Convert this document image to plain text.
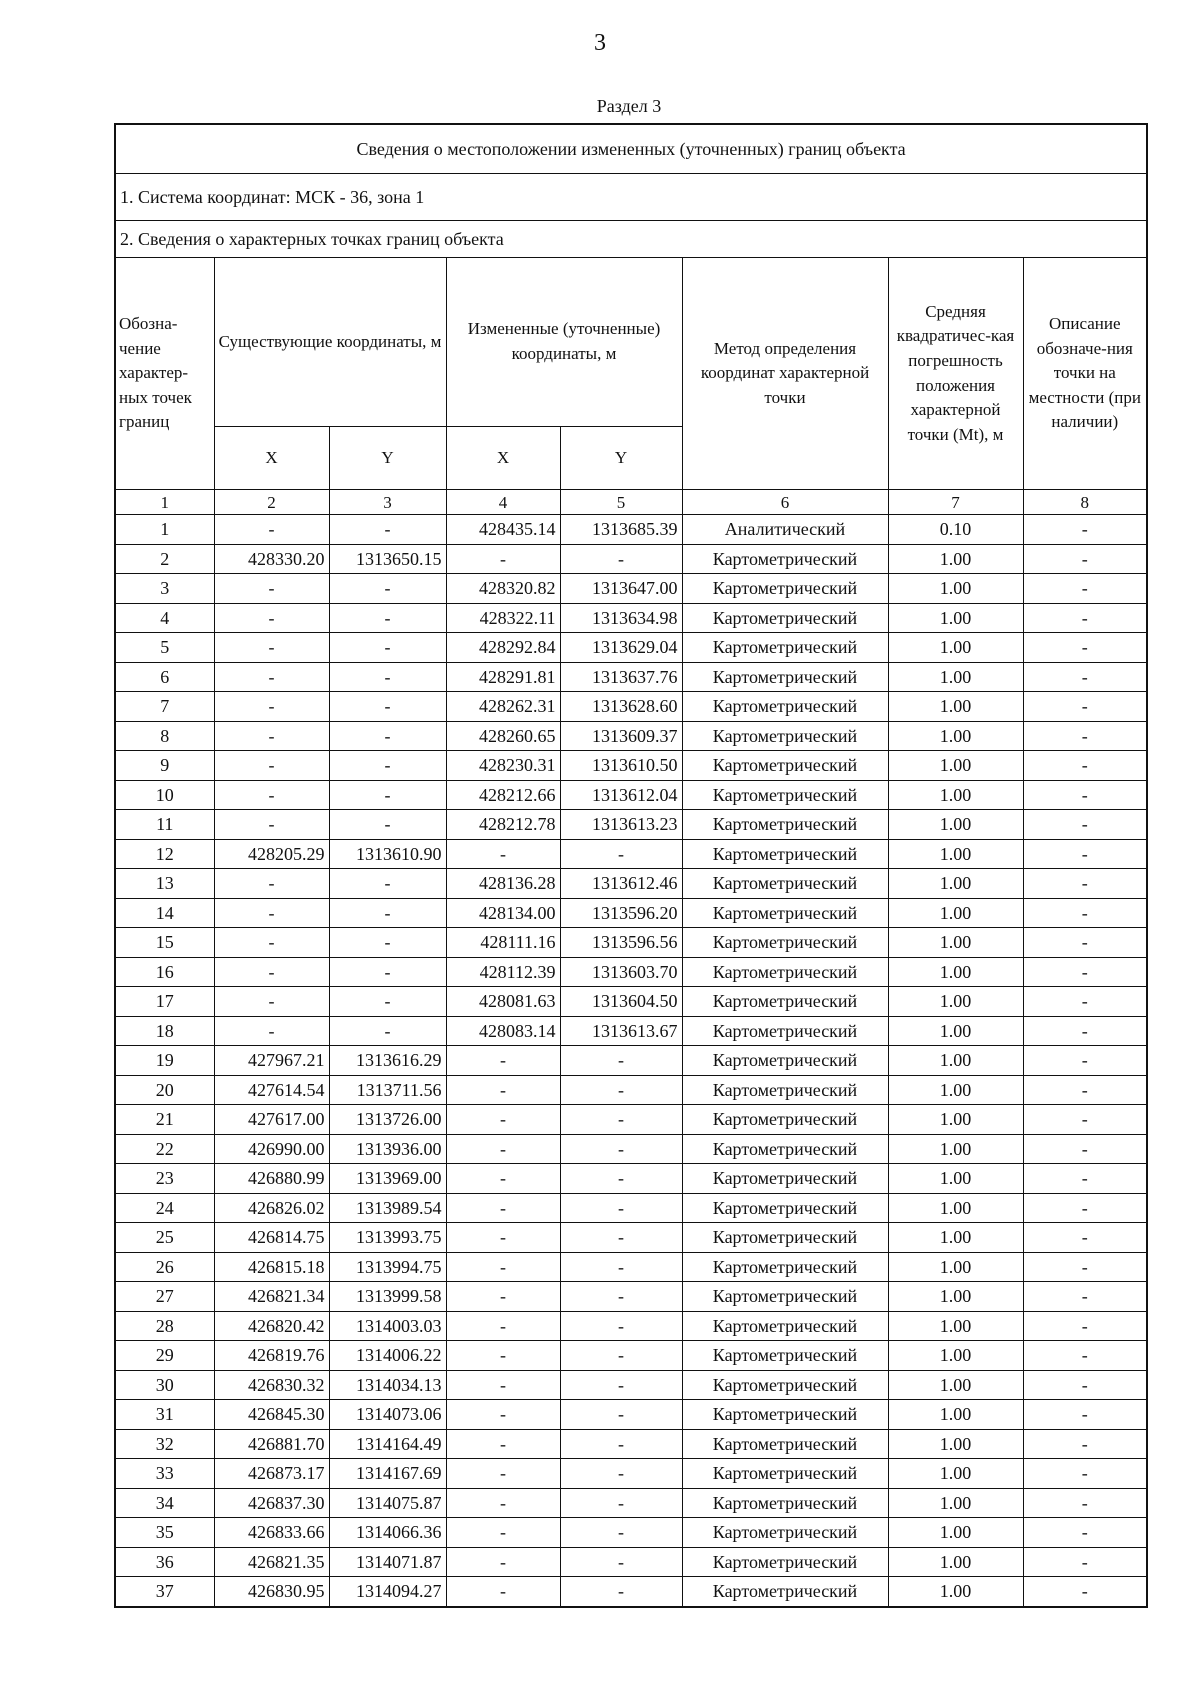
3
Раздел 3
Сведения о местоположении измененных (уточненных) границ объекта							
1. Система координат: МСК - 36, зона 1							
2. Сведения о характерных точках границ объекта							
Обозна-чение характер-ных точек границ	Существующие координаты, м		Измененные (уточненные) координаты, м		Метод определения координат характерной точки	Средняя квадратичес-кая погрешность положения характерной точки (Mt), м	Описание обозначе-ния точки на местности (при наличии)
	X	Y	X	Y			
1	2	3	4	5	6	7	8
1	-	-	428435.14	1313685.39	Аналитический	0.10	-
2	428330.20	1313650.15	-	-	Картометрический	1.00	-
3	-	-	428320.82	1313647.00	Картометрический	1.00	-
4	-	-	428322.11	1313634.98	Картометрический	1.00	-
5	-	-	428292.84	1313629.04	Картометрический	1.00	-
6	-	-	428291.81	1313637.76	Картометрический	1.00	-
7	-	-	428262.31	1313628.60	Картометрический	1.00	-
8	-	-	428260.65	1313609.37	Картометрический	1.00	-
9	-	-	428230.31	1313610.50	Картометрический	1.00	-
10	-	-	428212.66	1313612.04	Картометрический	1.00	-
11	-	-	428212.78	1313613.23	Картометрический	1.00	-
12	428205.29	1313610.90	-	-	Картометрический	1.00	-
13	-	-	428136.28	1313612.46	Картометрический	1.00	-
14	-	-	428134.00	1313596.20	Картометрический	1.00	-
15	-	-	428111.16	1313596.56	Картометрический	1.00	-
16	-	-	428112.39	1313603.70	Картометрический	1.00	-
17	-	-	428081.63	1313604.50	Картометрический	1.00	-
18	-	-	428083.14	1313613.67	Картометрический	1.00	-
19	427967.21	1313616.29	-	-	Картометрический	1.00	-
20	427614.54	1313711.56	-	-	Картометрический	1.00	-
21	427617.00	1313726.00	-	-	Картометрический	1.00	-
22	426990.00	1313936.00	-	-	Картометрический	1.00	-
23	426880.99	1313969.00	-	-	Картометрический	1.00	-
24	426826.02	1313989.54	-	-	Картометрический	1.00	-
25	426814.75	1313993.75	-	-	Картометрический	1.00	-
26	426815.18	1313994.75	-	-	Картометрический	1.00	-
27	426821.34	1313999.58	-	-	Картометрический	1.00	-
28	426820.42	1314003.03	-	-	Картометрический	1.00	-
29	426819.76	1314006.22	-	-	Картометрический	1.00	-
30	426830.32	1314034.13	-	-	Картометрический	1.00	-
31	426845.30	1314073.06	-	-	Картометрический	1.00	-
32	426881.70	1314164.49	-	-	Картометрический	1.00	-
33	426873.17	1314167.69	-	-	Картометрический	1.00	-
34	426837.30	1314075.87	-	-	Картометрический	1.00	-
35	426833.66	1314066.36	-	-	Картометрический	1.00	-
36	426821.35	1314071.87	-	-	Картометрический	1.00	-
37	426830.95	1314094.27	-	-	Картометрический	1.00	-
